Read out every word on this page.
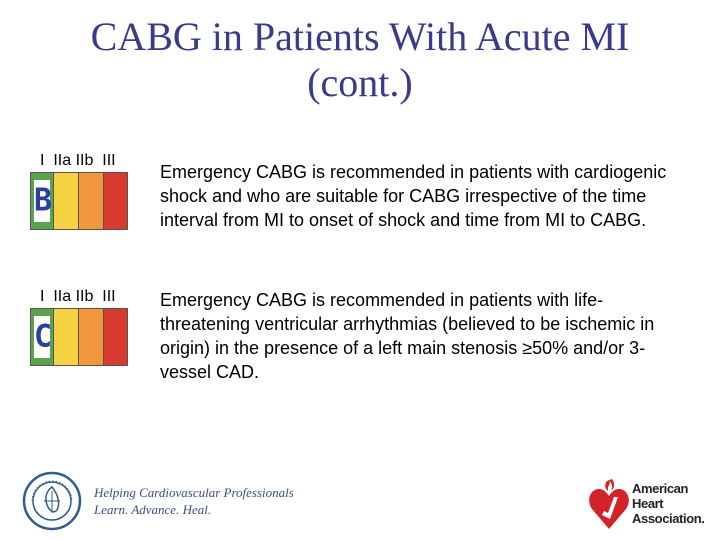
CABG in Patients With Acute MI
(cont.)
I  IIa IIb  III
B
Emergency CABG is recommended in patients with cardiogenic shock and who are suitable for CABG irrespective of the time interval from MI to onset of shock and time from MI to CABG.
I  IIa IIb  III
C
Emergency CABG is recommended in patients with life-threatening ventricular arrhythmias (believed to be ischemic in origin) in the presence of a left main stenosis ≥50% and/or 3-vessel CAD.
Helping Cardiovascular Professionals
Learn. Advance. Heal.
American
Heart
Association.
